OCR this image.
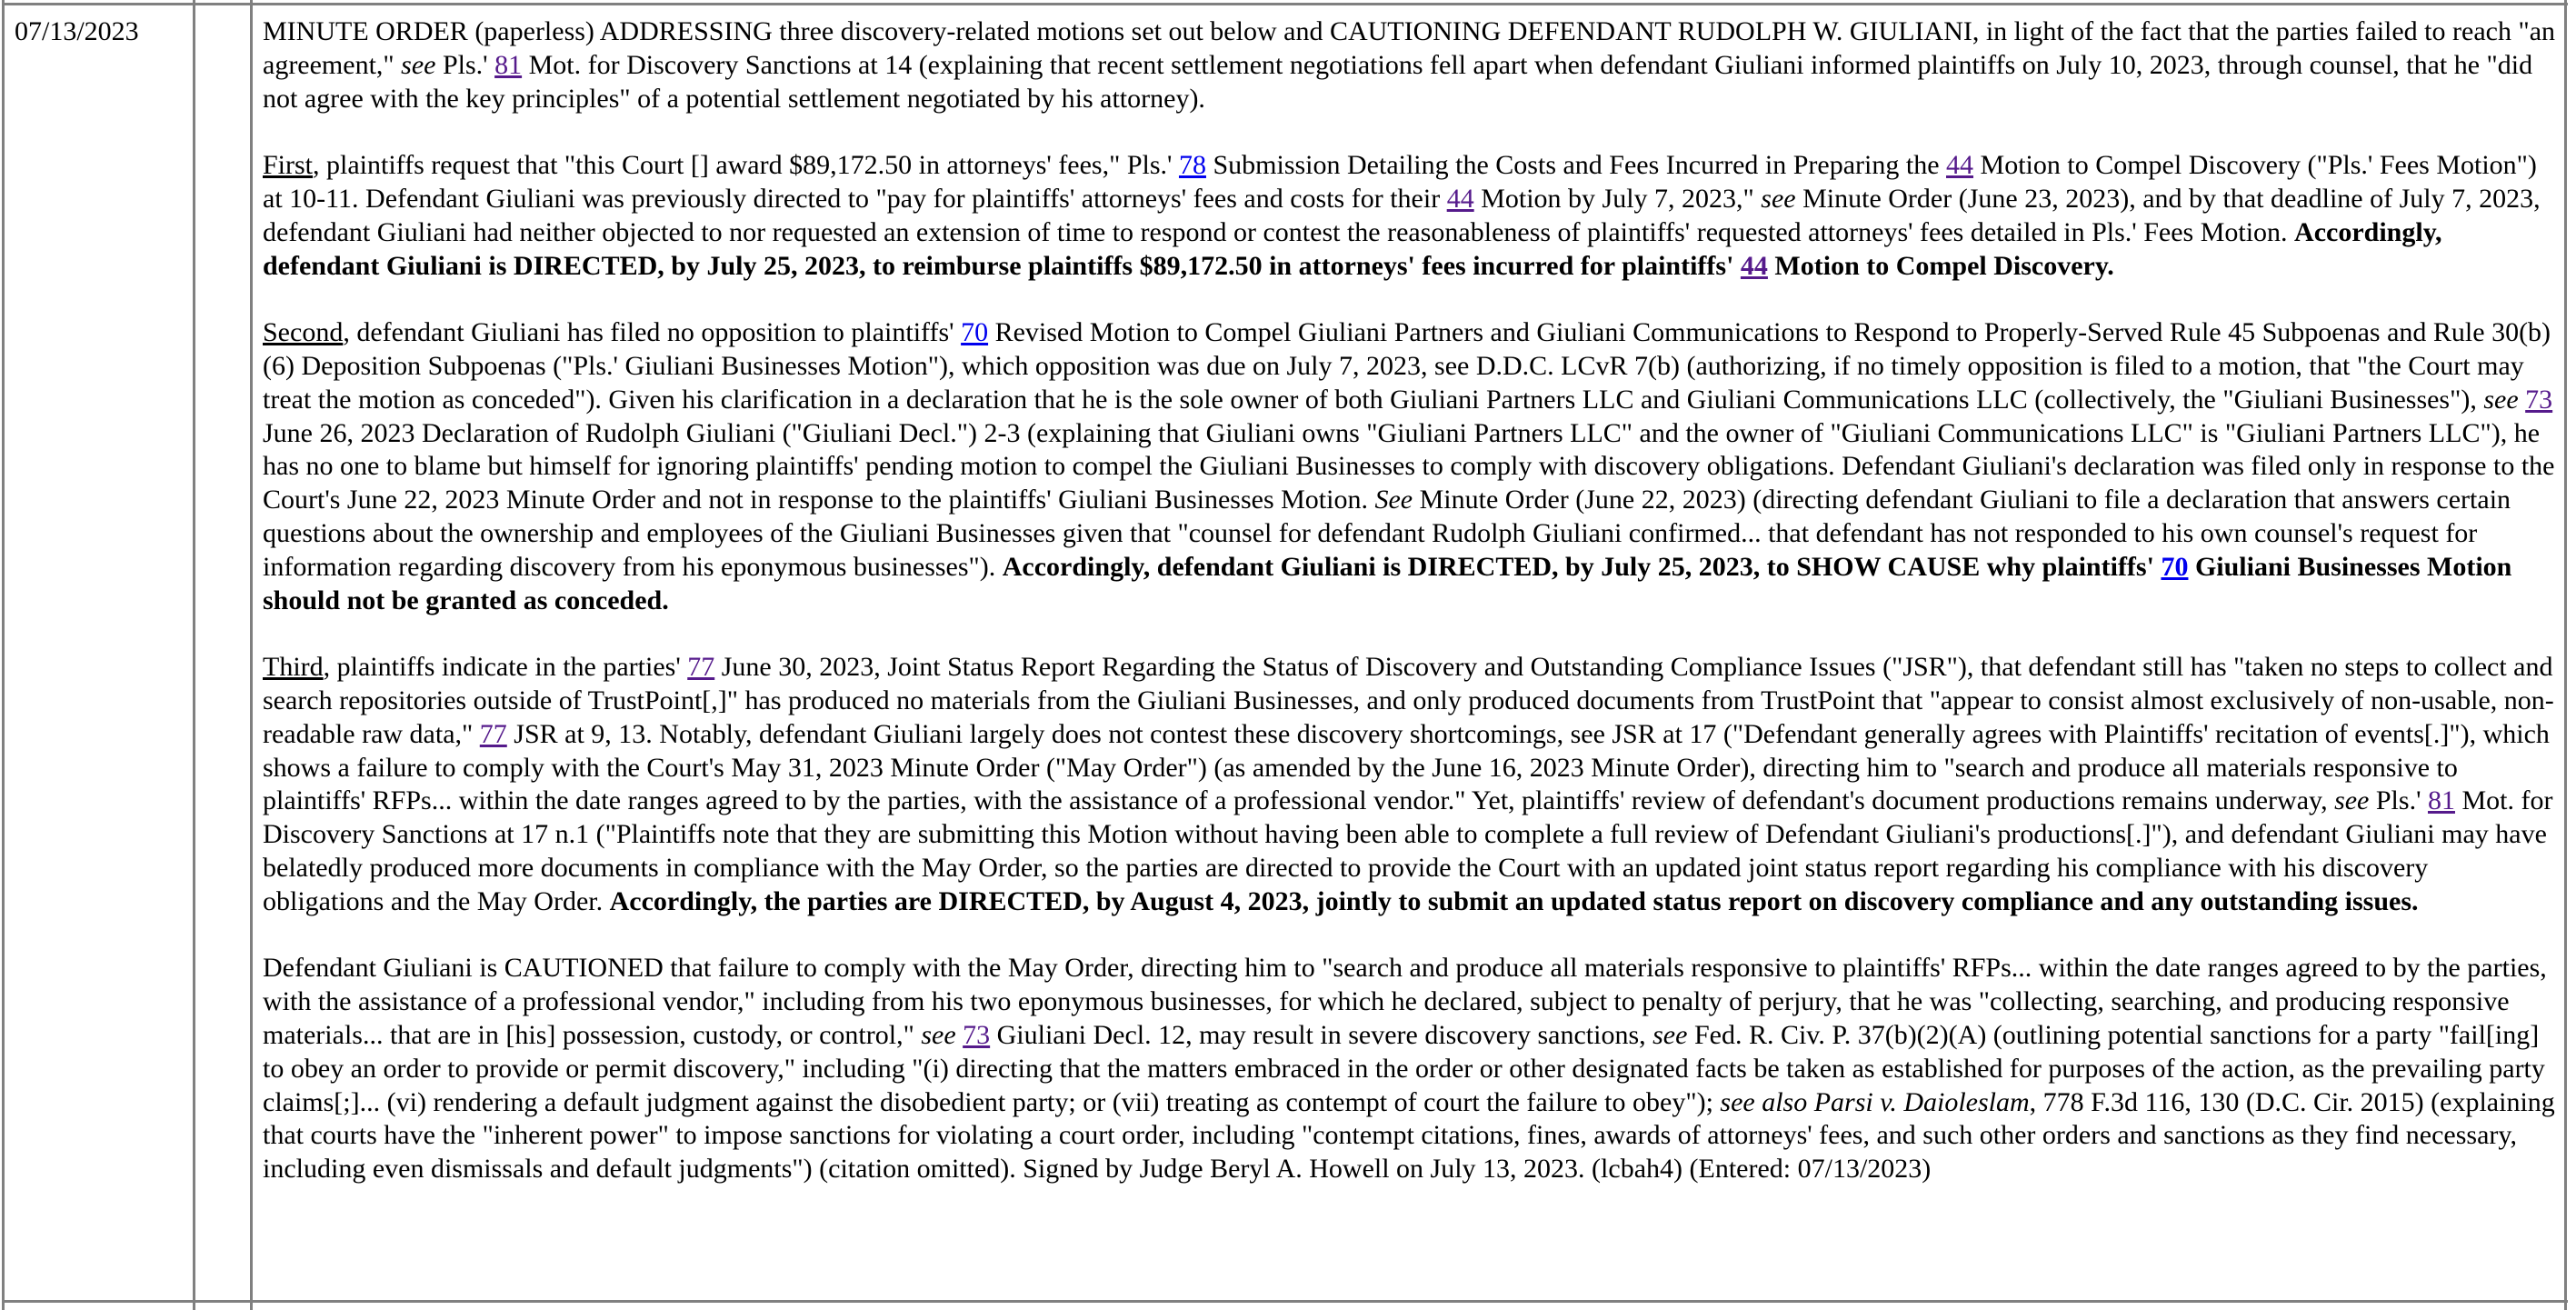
07/13/2023	MINUTE ORDER (paperless) ADDRESSING three discovery-related motions set out below and CAUTIONING DEFENDANT RUDOLPH W. GIULIANI, in light of the fact that the parties failed to reach "an agreement," see Pls.' 81 Mot. for Discovery Sanctions at 14 (explaining that recent settlement negotiations fell apart when defendant Giuliani informed plaintiffs on July 10, 2023, through counsel, that he "did not agree with the key principles" of a potential settlement negotiated by his attorney).

First, plaintiffs request that "this Court [] award $89,172.50 in attorneys' fees," Pls.' 78 Submission Detailing the Costs and Fees Incurred in Preparing the 44 Motion to Compel Discovery ("Pls.' Fees Motion") at 10-11. Defendant Giuliani was previously directed to "pay for plaintiffs' attorneys' fees and costs for their 44 Motion by July 7, 2023," see Minute Order (June 23, 2023), and by that deadline of July 7, 2023, defendant Giuliani had neither objected to nor requested an extension of time to respond or contest the reasonableness of plaintiffs' requested attorneys' fees detailed in Pls.' Fees Motion. Accordingly, defendant Giuliani is DIRECTED, by July 25, 2023, to reimburse plaintiffs $89,172.50 in attorneys' fees incurred for plaintiffs' 44 Motion to Compel Discovery.

Second, defendant Giuliani has filed no opposition to plaintiffs' 70 Revised Motion to Compel Giuliani Partners and Giuliani Communications to Respond to Properly-Served Rule 45 Subpoenas and Rule 30(b)(6) Deposition Subpoenas ("Pls.' Giuliani Businesses Motion"), which opposition was due on July 7, 2023, see D.D.C. LCvR 7(b) (authorizing, if no timely opposition is filed to a motion, that "the Court may treat the motion as conceded"). Given his clarification in a declaration that he is the sole owner of both Giuliani Partners LLC and Giuliani Communications LLC (collectively, the "Giuliani Businesses"), see 73 June 26, 2023 Declaration of Rudolph Giuliani ("Giuliani Decl.") 2-3 (explaining that Giuliani owns "Giuliani Partners LLC" and the owner of "Giuliani Communications LLC" is "Giuliani Partners LLC"), he has no one to blame but himself for ignoring plaintiffs' pending motion to compel the Giuliani Businesses to comply with discovery obligations. Defendant Giuliani's declaration was filed only in response to the Court's June 22, 2023 Minute Order and not in response to the plaintiffs' Giuliani Businesses Motion. See Minute Order (June 22, 2023) (directing defendant Giuliani to file a declaration that answers certain questions about the ownership and employees of the Giuliani Businesses given that "counsel for defendant Rudolph Giuliani confirmed... that defendant has not responded to his own counsel's request for information regarding discovery from his eponymous businesses"). Accordingly, defendant Giuliani is DIRECTED, by July 25, 2023, to SHOW CAUSE why plaintiffs' 70 Giuliani Businesses Motion should not be granted as conceded.

Third, plaintiffs indicate in the parties' 77 June 30, 2023, Joint Status Report Regarding the Status of Discovery and Outstanding Compliance Issues ("JSR"), that defendant still has "taken no steps to collect and search repositories outside of TrustPoint[,]" has produced no materials from the Giuliani Businesses, and only produced documents from TrustPoint that "appear to consist almost exclusively of non-usable, non-readable raw data," 77 JSR at 9, 13. Notably, defendant Giuliani largely does not contest these discovery shortcomings, see JSR at 17 ("Defendant generally agrees with Plaintiffs' recitation of events[.]"), which shows a failure to comply with the Court's May 31, 2023 Minute Order ("May Order") (as amended by the June 16, 2023 Minute Order), directing him to "search and produce all materials responsive to plaintiffs' RFPs... within the date ranges agreed to by the parties, with the assistance of a professional vendor." Yet, plaintiffs' review of defendant's document productions remains underway, see Pls.' 81 Mot. for Discovery Sanctions at 17 n.1 ("Plaintiffs note that they are submitting this Motion without having been able to complete a full review of Defendant Giuliani's productions[.]"), and defendant Giuliani may have belatedly produced more documents in compliance with the May Order, so the parties are directed to provide the Court with an updated joint status report regarding his compliance with his discovery obligations and the May Order. Accordingly, the parties are DIRECTED, by August 4, 2023, jointly to submit an updated status report on discovery compliance and any outstanding issues.

Defendant Giuliani is CAUTIONED that failure to comply with the May Order, directing him to "search and produce all materials responsive to plaintiffs' RFPs... within the date ranges agreed to by the parties, with the assistance of a professional vendor," including from his two eponymous businesses, for which he declared, subject to penalty of perjury, that he was "collecting, searching, and producing responsive materials... that are in [his] possession, custody, or control," see 73 Giuliani Decl. 12, may result in severe discovery sanctions, see Fed. R. Civ. P. 37(b)(2)(A) (outlining potential sanctions for a party "fail[ing] to obey an order to provide or permit discovery," including "(i) directing that the matters embraced in the order or other designated facts be taken as established for purposes of the action, as the prevailing party claims[;]... (vi) rendering a default judgment against the disobedient party; or (vii) treating as contempt of court the failure to obey"); see also Parsi v. Daioleslam, 778 F.3d 116, 130 (D.C. Cir. 2015) (explaining that courts have the "inherent power" to impose sanctions for violating a court order, including "contempt citations, fines, awards of attorneys' fees, and such other orders and sanctions as they find necessary, including even dismissals and default judgments") (citation omitted). Signed by Judge Beryl A. Howell on July 13, 2023. (lcbah4) (Entered: 07/13/2023)
